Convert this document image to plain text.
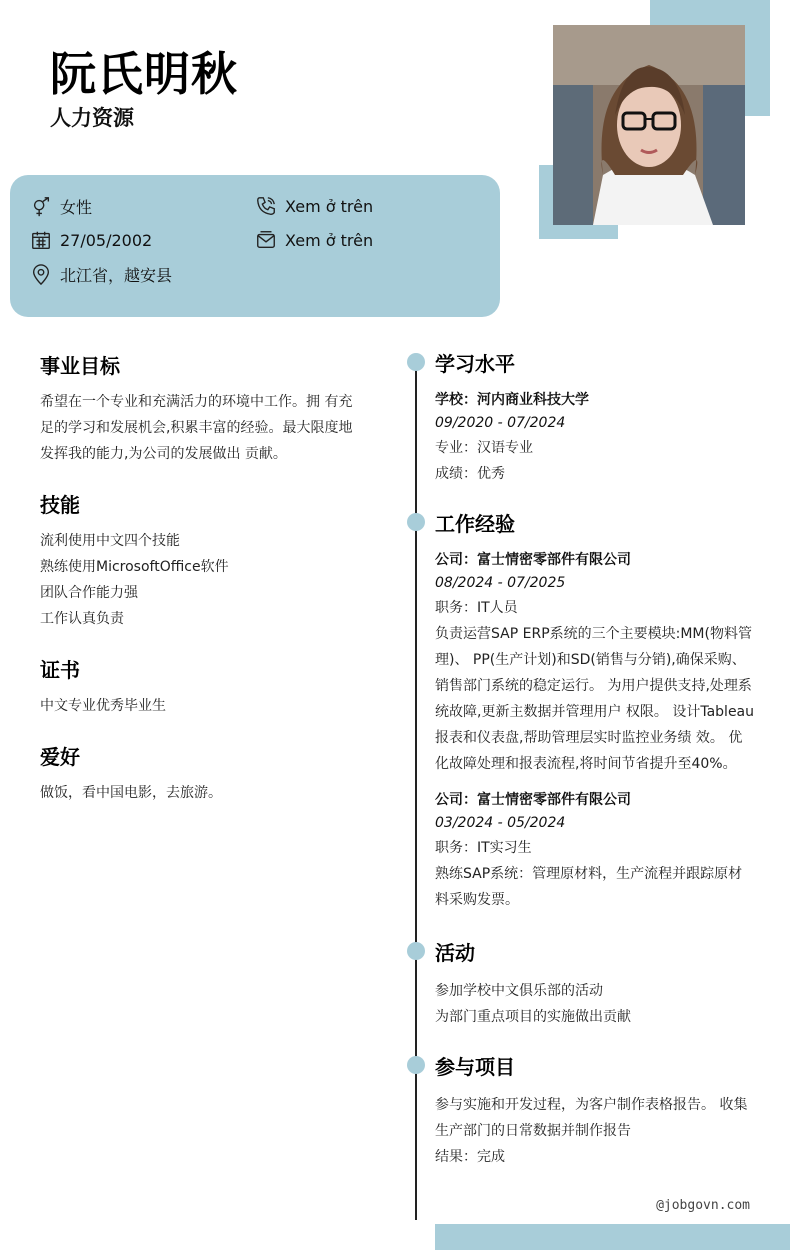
阮氏明秋
人力资源
女性
27/05/2002
北江省，越安县
Xem ở trên
Xem ở trên
事业目标
希望在一个专业和充满活力的环境中工作。拥 有充
足的学习和发展机会,积累丰富的经验。最大限度地
发挥我的能力,为公司的发展做出 贡献。
技能
流利使用中文四个技能
熟练使用MicrosoftOffice软件
团队合作能力强
工作认真负责
证书
中文专业优秀毕业生
爱好
做饭，看中国电影，去旅游。
学习水平
学校：河内商业科技大学
09/2020 - 07/2024
专业：汉语专业
成绩：优秀
工作经验
公司：富士情密零部件有限公司
08/2024 - 07/2025
职务：IT人员
负责运营SAP ERP系统的三个主要模块:MM(物料管
理)、 PP(生产计划)和SD(销售与分销),确保采购、
销售部门系统的稳定运行。 为用户提供支持,处理系
统故障,更新主数据并管理用户 权限。 设计Tableau
报表和仪表盘,帮助管理层实时监控业务绩 效。 优
化故障处理和报表流程,将时间节省提升至40%。
公司：富士情密零部件有限公司
03/2024 - 05/2024
职务：IT实习生
熟练SAP系统：管理原材料，生产流程并跟踪原材
料采购发票。
活动
参加学校中文俱乐部的活动
为部门重点项目的实施做出贡献
参与项目
参与实施和开发过程，为客户制作表格报告。 收集
生产部门的日常数据并制作报告
结果：完成
@jobgovn.com
